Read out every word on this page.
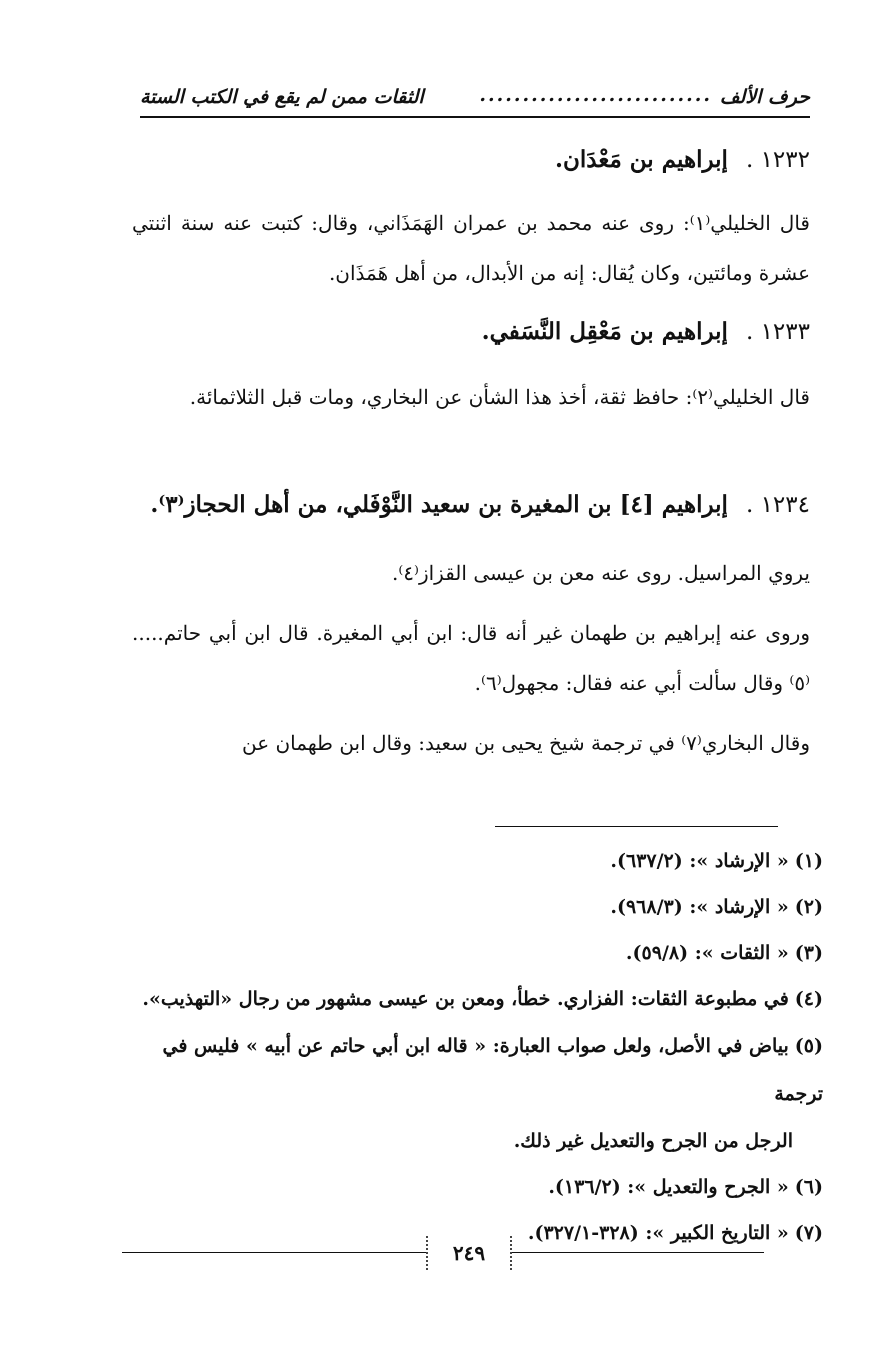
حرف الألف
...........................
الثقات ممن لم يقع في الكتب الستة
١٢٣٢ .إبراهيم بن مَعْدَان.

قال الخليلي⁽١⁾: روى عنه محمد بن عمران الهَمَذَاني، وقال: كتبت عنه سنة اثنتي عشرة ومائتين، وكان يُقال: إنه من الأبدال، من أهل هَمَذَان.

١٢٣٣ .إبراهيم بن مَعْقِل النَّسَفي.

قال الخليلي⁽٢⁾: حافظ ثقة، أخذ هذا الشأن عن البخاري، ومات قبل الثلاثمائة.

١٢٣٤ .إبراهيم [٤] بن المغيرة بن سعيد النَّوْفَلي، من أهل الحجاز⁽٣⁾.

يروي المراسيل. روى عنه معن بن عيسى القزاز⁽٤⁾.

وروى عنه إبراهيم بن طهمان غير أنه قال: ابن أبي المغيرة. قال ابن أبي حاتم.....⁽٥⁾ وقال سألت أبي عنه فقال: مجهول⁽٦⁾.

وقال البخاري⁽٧⁾ في ترجمة شيخ يحيى بن سعيد: وقال ابن طهمان عن

(١)« الإرشاد »: (٦٣٧/٢).

(٢)« الإرشاد »: (٩٦٨/٣).

(٣)« الثقات »: (٥٩/٨).

(٤)في مطبوعة الثقات: الفزاري. خطأ، ومعن بن عيسى مشهور من رجال «التهذيب».

(٥)بياض في الأصل، ولعل صواب العبارة: « قاله ابن أبي حاتم عن أبيه » فليس في ترجمة

الرجل من الجرح والتعديل غير ذلك.

(٦)« الجرح والتعديل »: (١٣٦/٢).

(٧)« التاريخ الكبير »: (٣٢٨-٣٢٧/١).

٢٤٩
